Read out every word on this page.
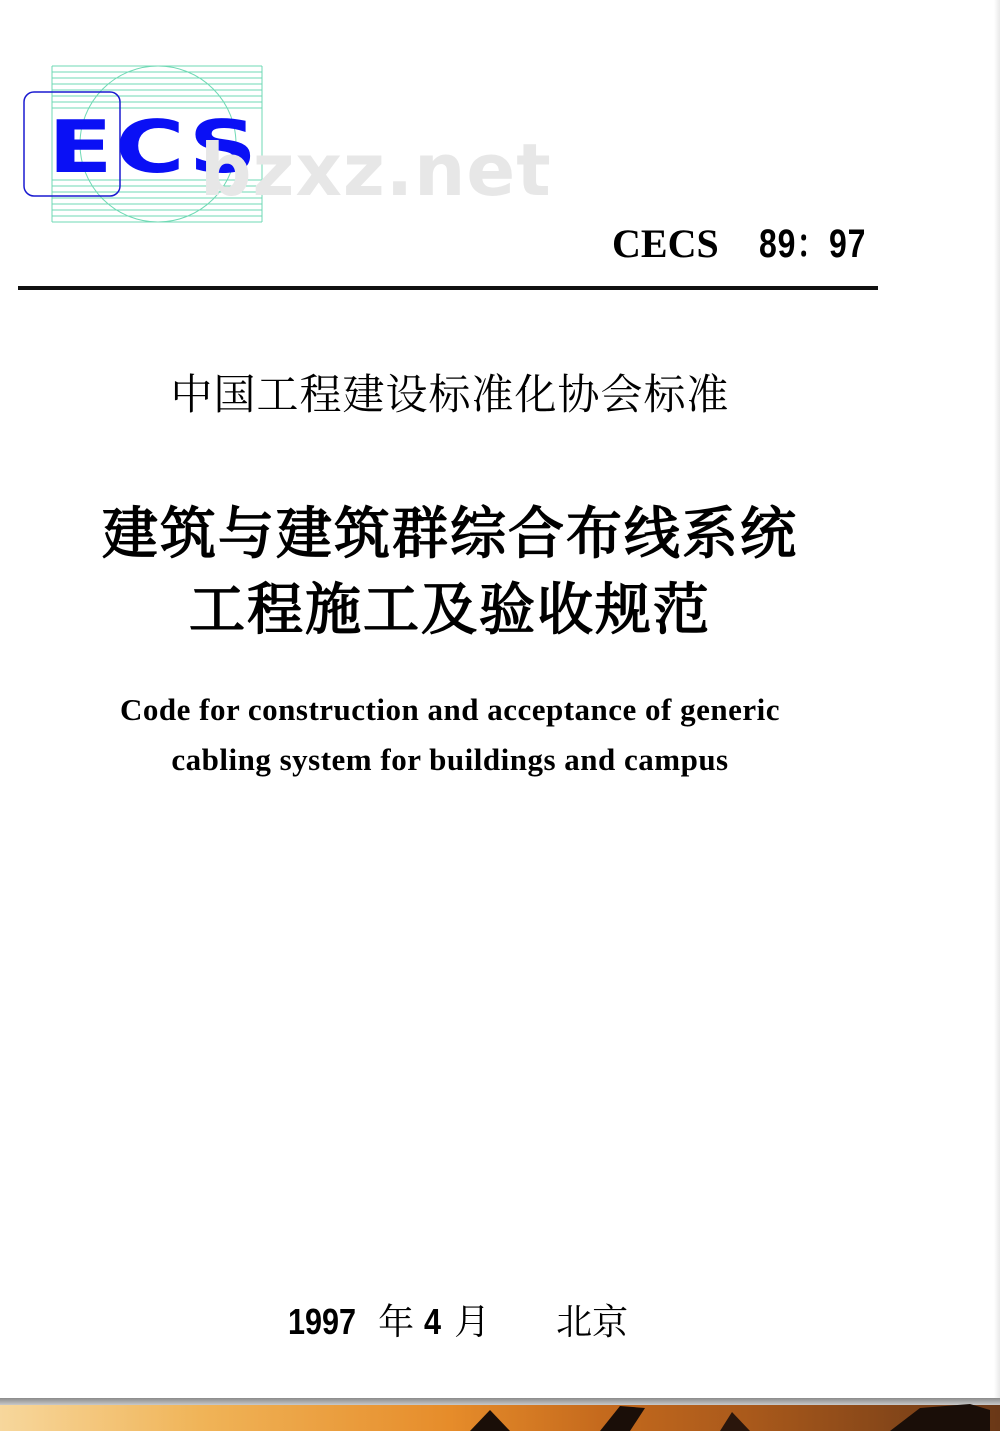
ECS
bzxz.net
CECS 89：97
中国工程建设标准化协会标准
建筑与建筑群综合布线系统
工程施工及验收规范
Code for construction and acceptance of generic
cabling system for buildings and campus
1997 年 4 月 北京
